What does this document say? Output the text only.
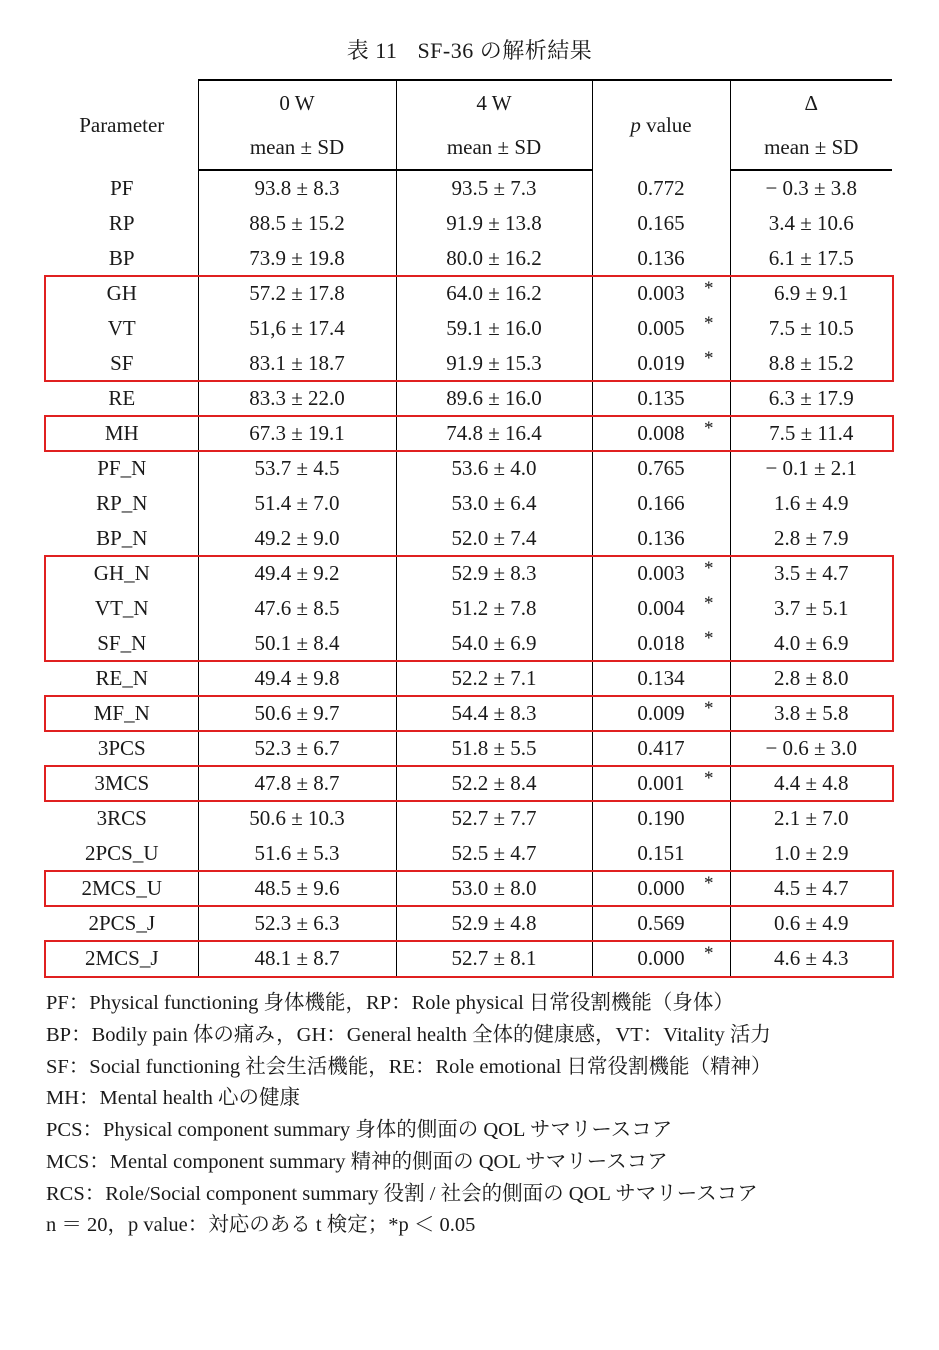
表 11 SF-36 の解析結果
Parameter	0 W	4 W	p value	Δ
	mean ± SD	mean ± SD		mean ± SD
PF	93.8 ± 8.3	93.5 ± 7.3	0.772	− 0.3 ± 3.8
RP	88.5 ± 15.2	91.9 ± 13.8	0.165	3.4 ± 10.6
BP	73.9 ± 19.8	80.0 ± 16.2	0.136	6.1 ± 17.5
GH	57.2 ± 17.8	64.0 ± 16.2	0.003 *	6.9 ± 9.1
VT	51,6 ± 17.4	59.1 ± 16.0	0.005 *	7.5 ± 10.5
SF	83.1 ± 18.7	91.9 ± 15.3	0.019 *	8.8 ± 15.2
RE	83.3 ± 22.0	89.6 ± 16.0	0.135	6.3 ± 17.9
MH	67.3 ± 19.1	74.8 ± 16.4	0.008 *	7.5 ± 11.4
PF_N	53.7 ± 4.5	53.6 ± 4.0	0.765	− 0.1 ± 2.1
RP_N	51.4 ± 7.0	53.0 ± 6.4	0.166	1.6 ± 4.9
BP_N	49.2 ± 9.0	52.0 ± 7.4	0.136	2.8 ± 7.9
GH_N	49.4 ± 9.2	52.9 ± 8.3	0.003 *	3.5 ± 4.7
VT_N	47.6 ± 8.5	51.2 ± 7.8	0.004 *	3.7 ± 5.1
SF_N	50.1 ± 8.4	54.0 ± 6.9	0.018 *	4.0 ± 6.9
RE_N	49.4 ± 9.8	52.2 ± 7.1	0.134	2.8 ± 8.0
MF_N	50.6 ± 9.7	54.4 ± 8.3	0.009 *	3.8 ± 5.8
3PCS	52.3 ± 6.7	51.8 ± 5.5	0.417	− 0.6 ± 3.0
3MCS	47.8 ± 8.7	52.2 ± 8.4	0.001 *	4.4 ± 4.8
3RCS	50.6 ± 10.3	52.7 ± 7.7	0.190	2.1 ± 7.0
2PCS_U	51.6 ± 5.3	52.5 ± 4.7	0.151	1.0 ± 2.9
2MCS_U	48.5 ± 9.6	53.0 ± 8.0	0.000 *	4.5 ± 4.7
2PCS_J	52.3 ± 6.3	52.9 ± 4.8	0.569	0.6 ± 4.9
2MCS_J	48.1 ± 8.7	52.7 ± 8.1	0.000 *	4.6 ± 4.3
PF：Physical functioning 身体機能，RP：Role physical 日常役割機能（身体）
BP：Bodily pain 体の痛み，GH：General health 全体的健康感，VT：Vitality 活力
SF：Social functioning 社会生活機能，RE：Role emotional 日常役割機能（精神）
MH：Mental health 心の健康
PCS：Physical component summary 身体的側面の QOL サマリースコア
MCS：Mental component summary 精神的側面の QOL サマリースコア
RCS：Role/Social component summary 役割 / 社会的側面の QOL サマリースコア
n ＝ 20，p value：対応のある t 検定；*p ＜ 0.05
